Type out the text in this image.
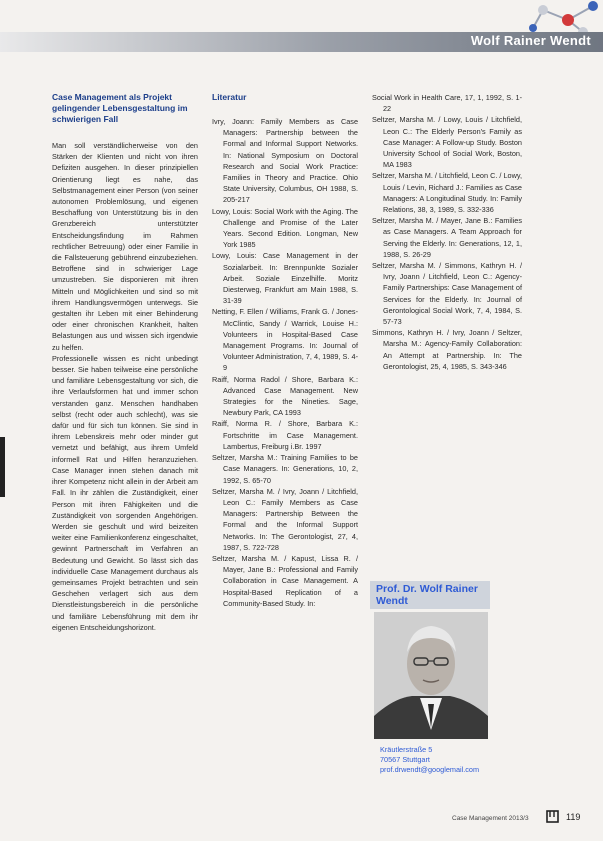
Wolf Rainer Wendt
Case Management als Projekt gelingender Lebensgestaltung im schwierigen Fall

Man soll verständlicherweise von den Stärken der Klienten und nicht von ihren Defiziten ausgehen. In dieser prinzipiellen Orientierung liegt es nahe, das Selbstmanagement einer Person (von seiner autonomen Problemlösung, und eigenen Beschaffung von Unterstützung bis in den Grenzbereich unterstützter Entscheidungsfindung im Rahmen rechtlicher Betreuung) oder einer Familie in die Fallsteuerung gebührend einzubeziehen. Betroffene sind in schwieriger Lage umzustreben. Sie disponieren mit ihren Mitteln und Möglichkeiten und sind so mit ihrem Handlungsvermögen unterwegs. Sie gestalten ihr Leben mit einer Behinderung oder einer chronischen Krankheit, halten Belastungen aus und wissen sich irgendwie zu helfen.

Professionelle wissen es nicht unbedingt besser. Sie haben teilweise eine persönliche und familiäre Lebensgestaltung vor sich, die ihre Verlaufsformen hat und immer schon verstanden ganz. Menschen handhaben selbst (recht oder auch schlecht), was sie dafür und für sich tun können. Sie sind in ihrem Lebenskreis mehr oder minder gut vernetzt und befähigt, aus ihrem Umfeld informell Rat und Hilfen heranzuziehen. Case Manager innen stehen danach mit ihrer Kompetenz nicht allein in der Arbeit am Fall. In ihr zählen die Zuständigkeit, einer Person mit ihren Fähigkeiten und die Zuständigkeit von sorgenden Angehörigen. Werden sie geschult und wird beizeiten weiter eine Familienkonferenz eingeschaltet, gewinnt Partnerschaft im Verfahren an Bedeutung und Gewicht. So lässt sich das individuelle Case Management durchaus als gemeinsames Projekt betrachten und sein Geschehen verlagert sich aus dem Dienstleistungsbereich in die persönliche und familiäre Lebensführung mit dem ihr eigenen Entscheidungshorizont.

Literatur

Ivry, Joann: Family Members as Case Managers: Partnership between the Formal and Informal Support Networks. In: National Symposium on Doctoral Research and Social Work Practice: Families in Theory and Practice. Ohio State University, Columbus, OH 1988, S. 205-217

Lowy, Louis: Social Work with the Aging. The Challenge and Promise of the Later Years. Second Edition. Longman, New York 1985

Lowy, Louis: Case Management in der Sozialarbeit. In: Brennpunkte Sozialer Arbeit. Soziale Einzelhilfe. Moritz Diesterweg, Frankfurt am Main 1988, S. 31-39

Netting, F. Ellen / Williams, Frank G. / Jones-McClintic, Sandy / Warrick, Louise H.: Volunteers in Hospital-Based Case Management Programs. In: Journal of Volunteer Administration, 7, 4, 1989, S. 4-9

Raiff, Norma Radol / Shore, Barbara K.: Advanced Case Management. New Strategies for the Nineties. Sage, Newbury Park, CA 1993

Raiff, Norma R. / Shore, Barbara K.: Fortschritte im Case Management. Lambertus, Freiburg i.Br. 1997

Seltzer, Marsha M.: Training Families to be Case Managers. In: Generations, 10, 2, 1992, S. 65-70

Seltzer, Marsha M. / Ivry, Joann / Litchfield, Leon C.: Family Members as Case Managers: Partnership Between the Formal and the Informal Support Networks. In: The Gerontologist, 27, 4, 1987, S. 722-728

Seltzer, Marsha M. / Kapust, Lissa R. / Mayer, Jane B.: Professional and Family Collaboration in Case Management. A Hospital-Based Replication of a Community-Based Study. In:

Social Work in Health Care, 17, 1, 1992, S. 1-22

Seltzer, Marsha M. / Lowy, Louis / Litchfield, Leon C.: The Elderly Person's Family as Case Manager: A Follow-up Study. Boston University School of Social Work, Boston, MA 1983

Seltzer, Marsha M. / Litchfield, Leon C. / Lowy, Louis / Levin, Richard J.: Families as Case Managers: A Longitudinal Study. In: Family Relations, 38, 3, 1989, S. 332-336

Seltzer, Marsha M. / Mayer, Jane B.: Families as Case Managers. A Team Approach for Serving the Elderly. In: Generations, 12, 1, 1988, S. 26-29

Seltzer, Marsha M. / Simmons, Kathryn H. / Ivry, Joann / Litchfield, Leon C.: Agency-Family Partnerships: Case Management of Services for the Elderly. In: Journal of Gerontological Social Work, 7, 4, 1984, S. 57-73

Simmons, Kathryn H. / Ivry, Joann / Seltzer, Marsha M.: Agency-Family Collaboration: An Attempt at Partnership. In: The Gerontologist, 25, 4, 1985, S. 343-346

Prof. Dr. Wolf Rainer Wendt
Kräutlerstraße 5
70567 Stuttgart
prof.drwendt@googlemail.com
Case Management 2013/3	119
